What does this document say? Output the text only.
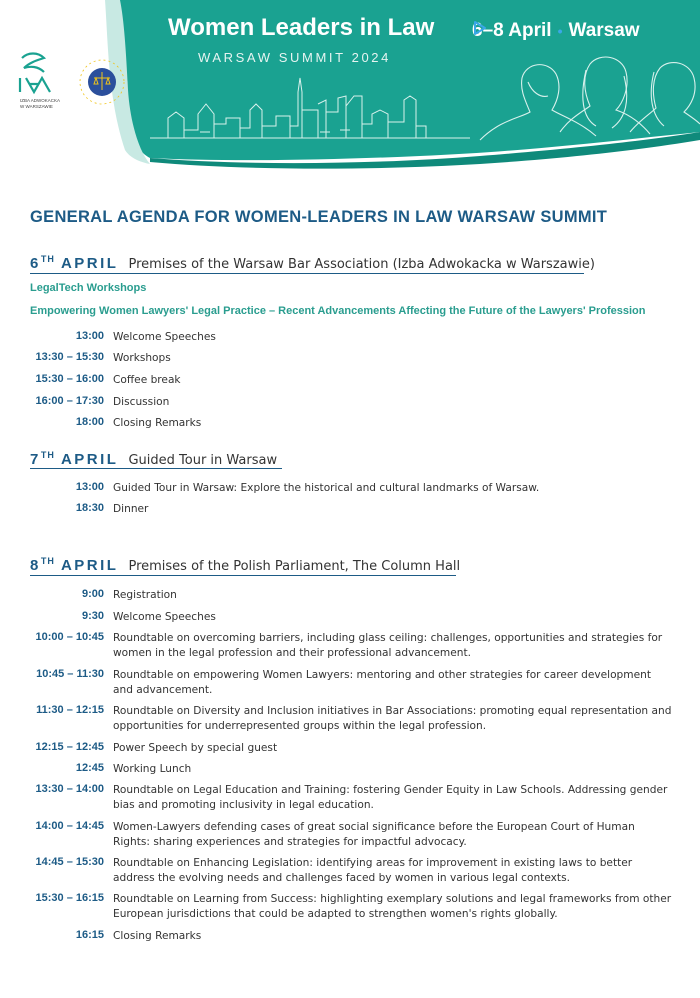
IZBA ADWOKACKA
W WARSZAWIE
Women Leaders in Law
WARSAW SUMMIT 2024
6–8 April • Warsaw
GENERAL AGENDA FOR WOMEN-LEADERS IN LAW WARSAW SUMMIT
6TH APRIL Premises of the Warsaw Bar Association (Izba Adwokacka w Warszawie)
LegalTech Workshops
Empowering Women Lawyers' Legal Practice – Recent Advancements Affecting the Future of the Lawyers' Profession
13:00 Welcome Speeches
13:30 – 15:30 Workshops
15:30 – 16:00 Coffee break
16:00 – 17:30 Discussion
18:00 Closing Remarks
7TH APRIL Guided Tour in Warsaw
13:00 Guided Tour in Warsaw: Explore the historical and cultural landmarks of Warsaw.
18:30 Dinner
8TH APRIL Premises of the Polish Parliament, The Column Hall
9:00 Registration
9:30 Welcome Speeches
10:00 – 10:45 Roundtable on overcoming barriers, including glass ceiling: challenges, opportunities and strategies for women in the legal profession and their professional advancement.
10:45 – 11:30 Roundtable on empowering Women Lawyers: mentoring and other strategies for career development and advancement.
11:30 – 12:15 Roundtable on Diversity and Inclusion initiatives in Bar Associations: promoting equal representation and opportunities for underrepresented groups within the legal profession.
12:15 – 12:45 Power Speech by special guest
12:45 Working Lunch
13:30 – 14:00 Roundtable on Legal Education and Training: fostering Gender Equity in Law Schools. Addressing gender bias and promoting inclusivity in legal education.
14:00 – 14:45 Women-Lawyers defending cases of great social significance before the European Court of Human Rights: sharing experiences and strategies for impactful advocacy.
14:45 – 15:30 Roundtable on Enhancing Legislation: identifying areas for improvement in existing laws to better address the evolving needs and challenges faced by women in various legal contexts.
15:30 – 16:15 Roundtable on Learning from Success: highlighting exemplary solutions and legal frameworks from other European jurisdictions that could be adapted to strengthen women's rights globally.
16:15 Closing Remarks
